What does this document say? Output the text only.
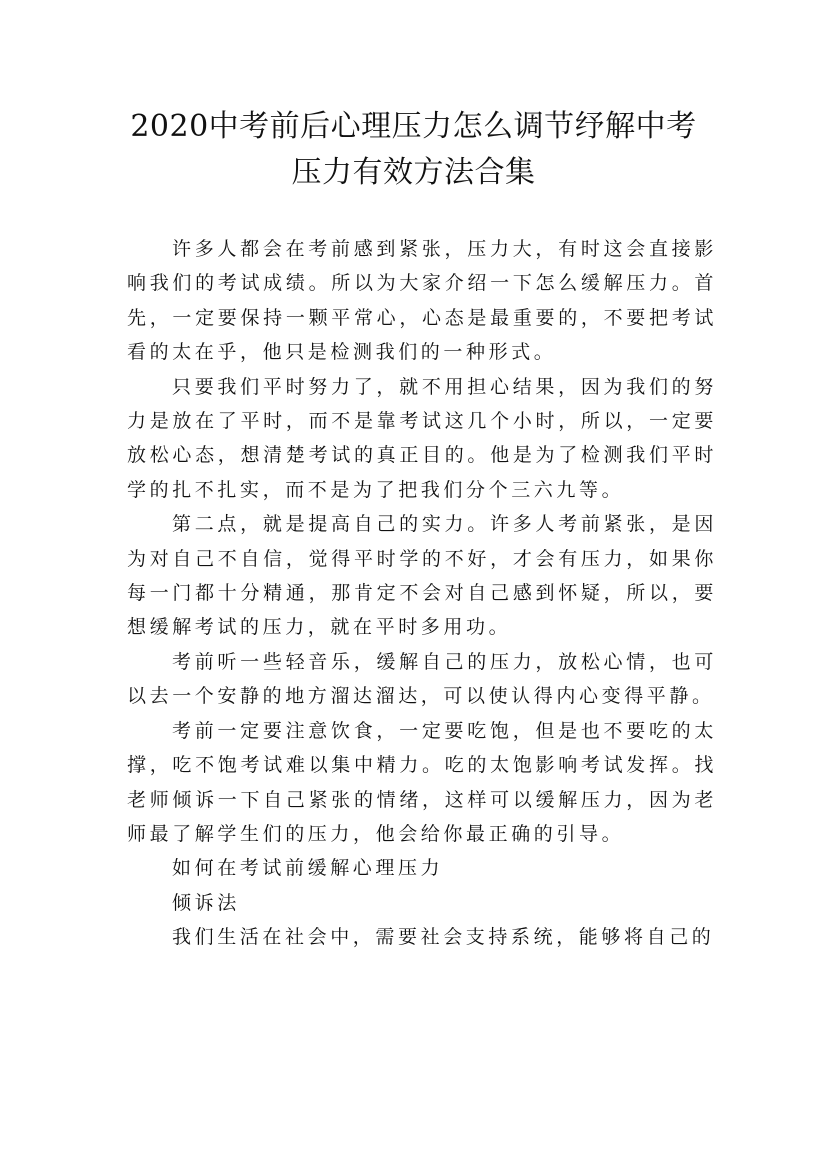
2020中考前后心理压力怎么调节纾解中考
压力有效方法合集

许多人都会在考前感到紧张，压力大，有时这会直接影响我们的考试成绩。所以为大家介绍一下怎么缓解压力。首先，一定要保持一颗平常心，心态是最重要的，不要把考试看的太在乎，他只是检测我们的一种形式。

只要我们平时努力了，就不用担心结果，因为我们的努力是放在了平时，而不是靠考试这几个小时，所以，一定要放松心态，想清楚考试的真正目的。他是为了检测我们平时学的扎不扎实，而不是为了把我们分个三六九等。

第二点，就是提高自己的实力。许多人考前紧张，是因为对自己不自信，觉得平时学的不好，才会有压力，如果你每一门都十分精通，那肯定不会对自己感到怀疑，所以，要想缓解考试的压力，就在平时多用功。

考前听一些轻音乐，缓解自己的压力，放松心情，也可以去一个安静的地方溜达溜达，可以使认得内心变得平静。

考前一定要注意饮食，一定要吃饱，但是也不要吃的太撑，吃不饱考试难以集中精力。吃的太饱影响考试发挥。找老师倾诉一下自己紧张的情绪，这样可以缓解压力，因为老师最了解学生们的压力，他会给你最正确的引导。

如何在考试前缓解心理压力

倾诉法

我们生活在社会中，需要社会支持系统，能够将自己的
